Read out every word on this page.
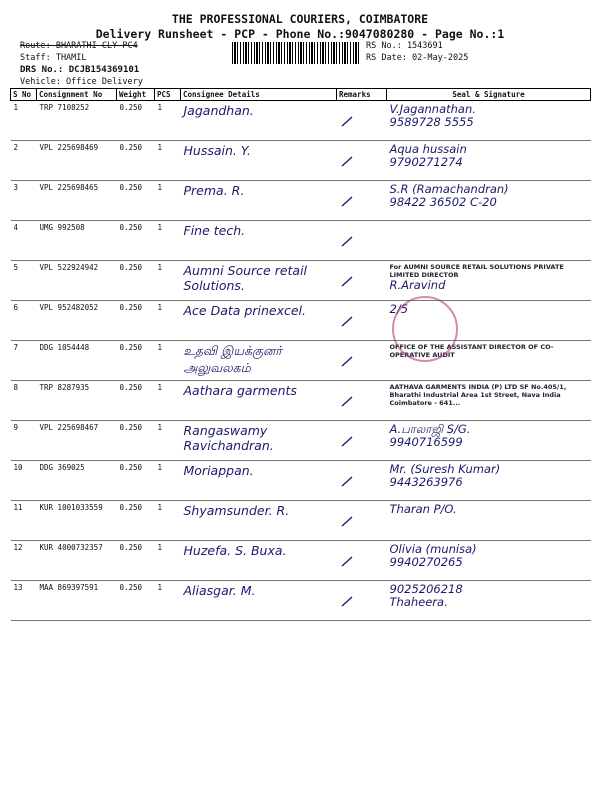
THE PROFESSIONAL COURIERS, COIMBATORE
Delivery Runsheet - PCP - Phone No.:9047080280 - Page No.:1
Route: BHARATHI CLY PC4
Staff: THAMIL
DRS No.: DCJB154369101
Vehicle: Office Delivery
RS No.: 1543691
RS Date: 02-May-2025
S No	Consignment No	Weight	PCS	Consignee Details	Remarks	Seal & Signature
1	TRP 7108252	0.250	1	Jagandhan.		V.Jagannathan.
9589728 5555

2	VPL 225698469	0.250	1	Hussain. Y.		Aqua hussain
9790271274

3	VPL 225698465	0.250	1	Prema. R.		S.R (Ramachandran)
98422 36502 C-20

4	UMG 992508	0.250	1	Fine tech.	

5	VPL 522924942	0.250	1	Aumni Source retail Solutions.		For AUMNI SOURCE RETAIL SOLUTIONS PRIVATE LIMITED DIRECTOR
R.Aravind

6	VPL 952482052	0.250	1	Ace Data prinexcel.		2/5

7	DDG 1054448	0.250	1	உதவி இயக்குனர் அலுவலகம்		OFFICE OF THE ASSISTANT DIRECTOR OF CO-OPERATIVE AUDIT

8	TRP 8287935	0.250	1	Aathara garments		AATHAVA GARMENTS INDIA (P) LTD SF No.405/1, Bharathi Industrial Area 1st Street, Nava India Coimbatore - 641...

9	VPL 225698467	0.250	1	Rangaswamy Ravichandran.		A.பாலாஜி S/G.
9940716599

10	DDG 369025	0.250	1	Moriappan.		Mr. (Suresh Kumar)
9443263976

11	KUR 1001033559	0.250	1	Shyamsunder. R.		Tharan P/O.

12	KUR 4000732357	0.250	1	Huzefa. S. Buxa.		Olivia (munisa)
9940270265

13	MAA 869397591	0.250	1	Aliasgar. M.		9025206218
Thaheera.
